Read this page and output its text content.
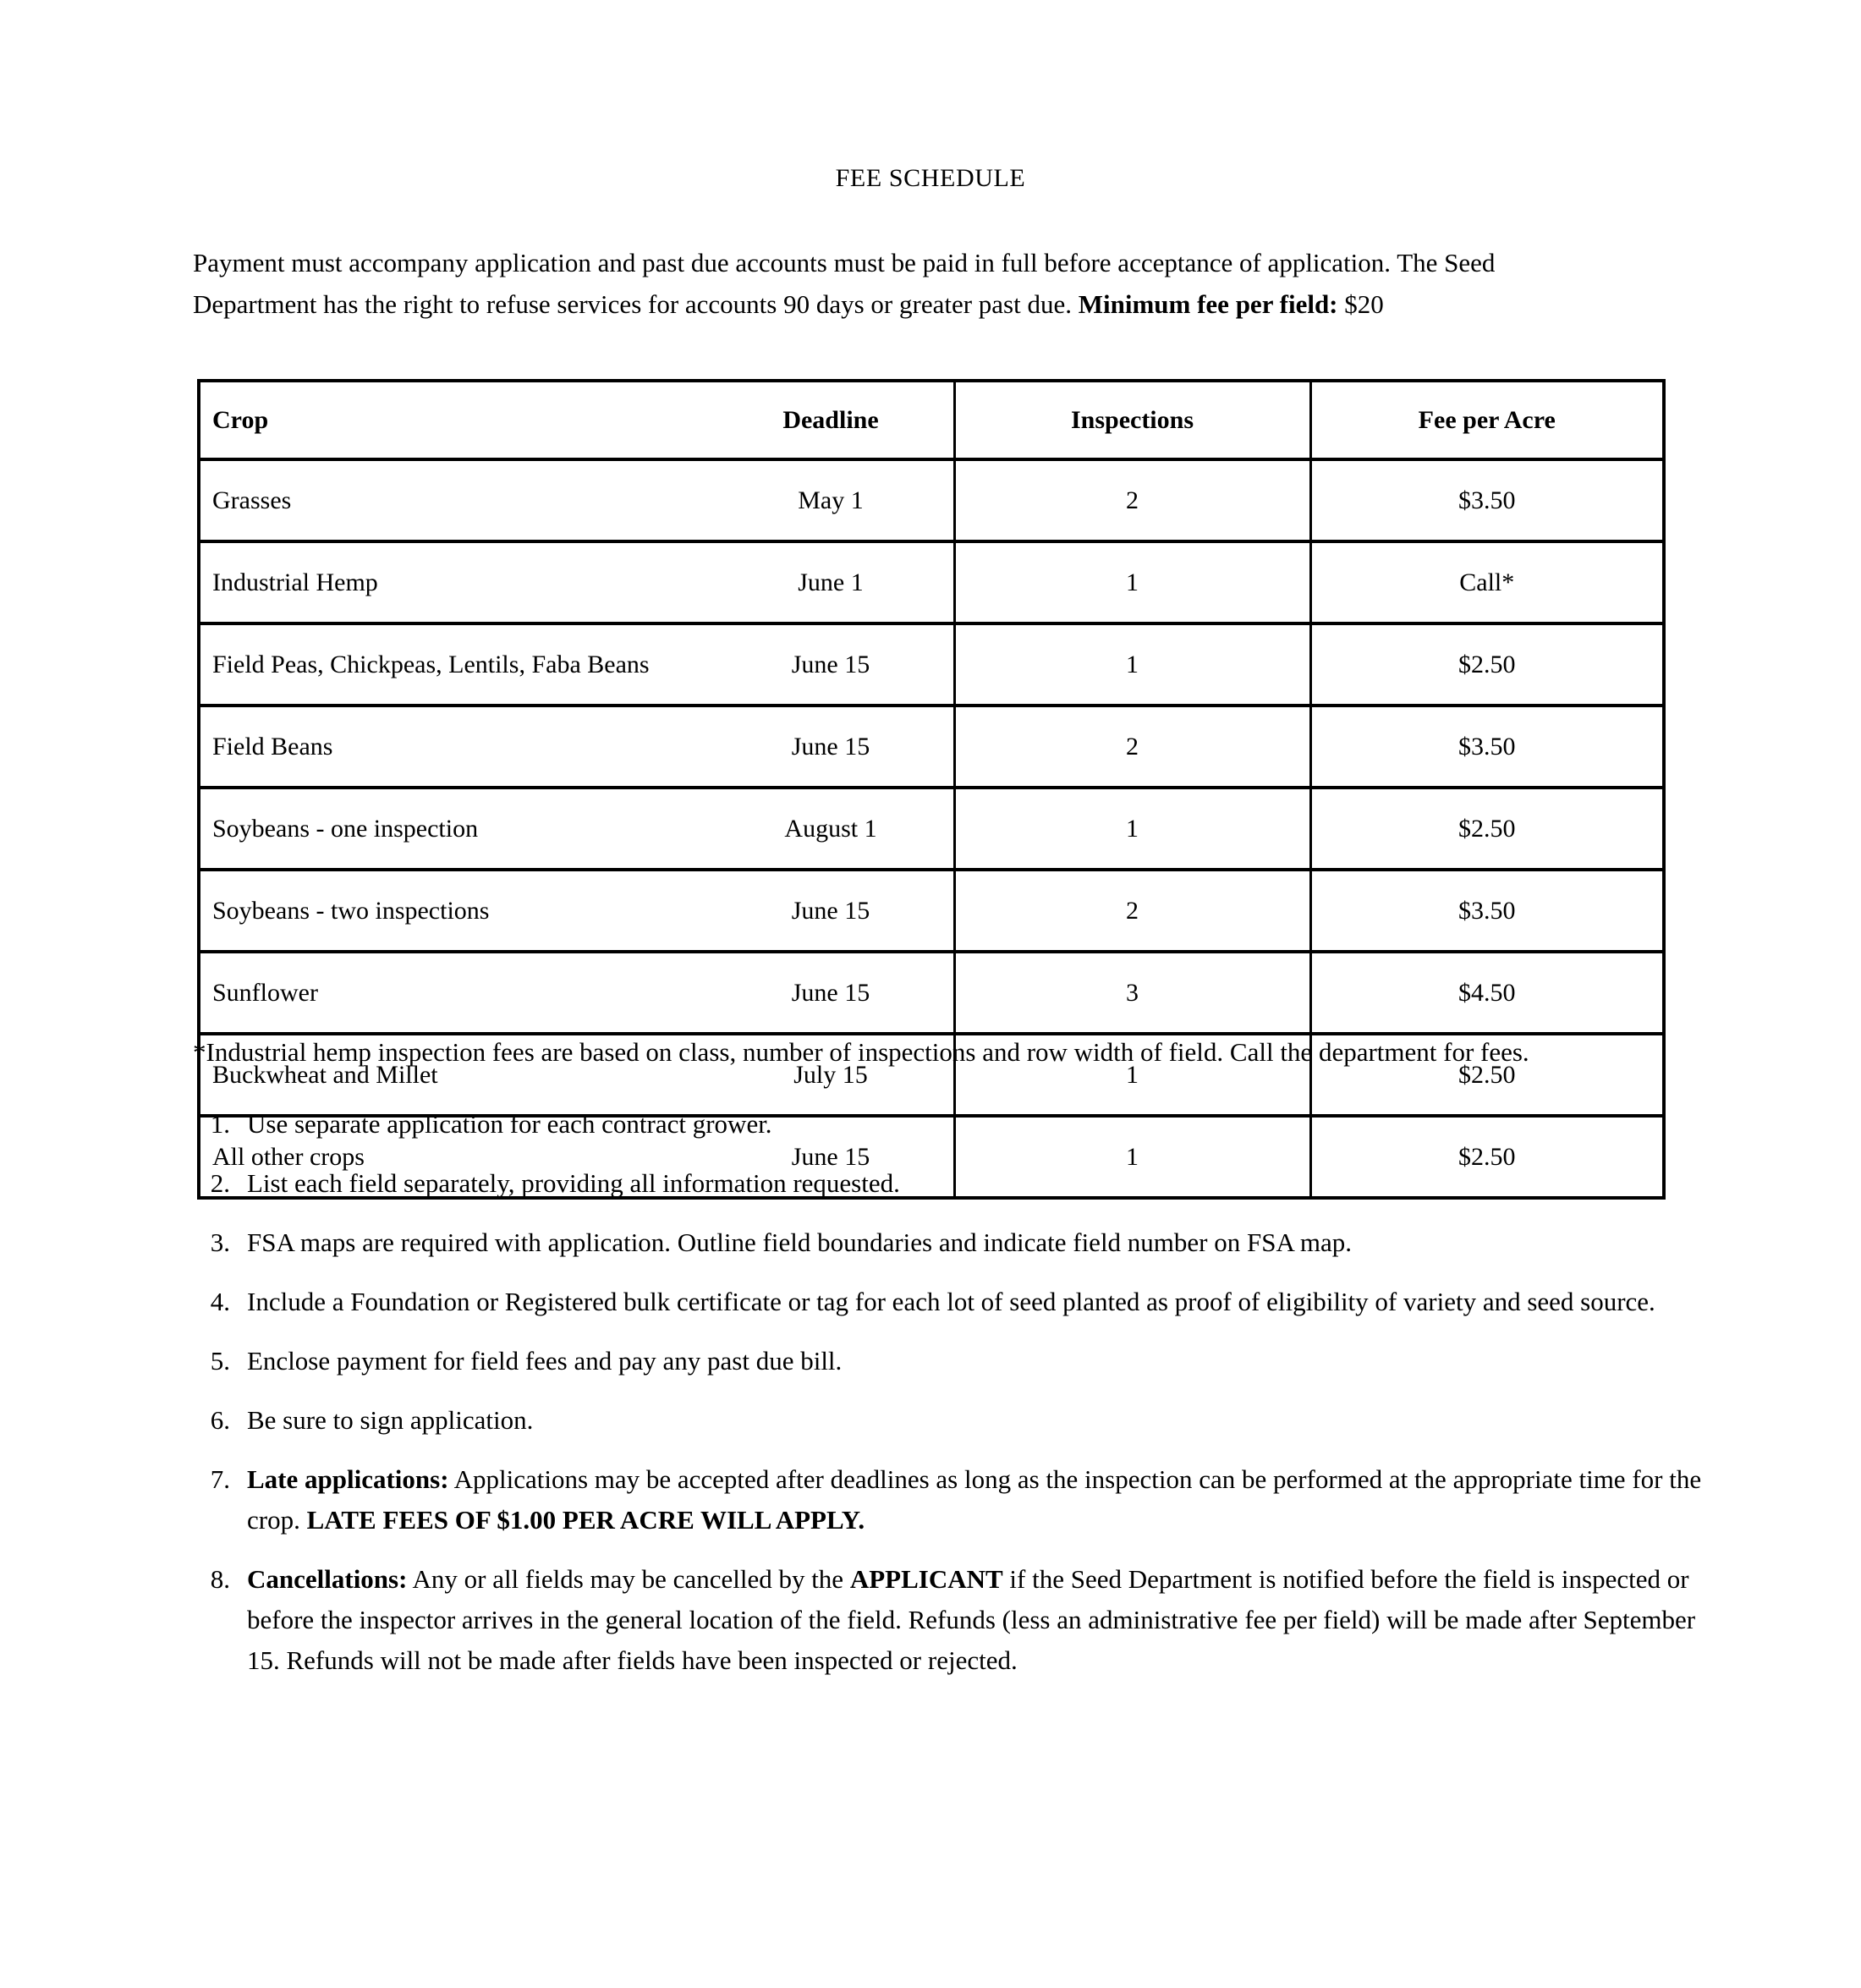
FEE SCHEDULE
Payment must accompany application and past due accounts must be paid in full before acceptance of application. The Seed Department has the right to refuse services for accounts 90 days or greater past due. Minimum fee per field: $20
Crop Deadline	Inspections	Fee per Acre

Grasses May 1	2	$3.50

Industrial Hemp June 1	1	Call*

Field Peas, Chickpeas, Lentils, Faba Beans June 15	1	$2.50

Field Beans June 15	2	$3.50

Soybeans - one inspection August 1	1	$2.50

Soybeans - two inspections June 15	2	$3.50

Sunflower June 15	3	$4.50

Buckwheat and Millet July 15	1	$2.50

All other crops June 15	1	$2.50
*Industrial hemp inspection fees are based on class, number of inspections and row width of field. Call the department for fees.
1. Use separate application for each contract grower.
2. List each field separately, providing all information requested.
3. FSA maps are required with application. Outline field boundaries and indicate field number on FSA map.
4. Include a Foundation or Registered bulk certificate or tag for each lot of seed planted as proof of eligibility of variety and seed source.
5. Enclose payment for field fees and pay any past due bill.
6. Be sure to sign application.
7. Late applications: Applications may be accepted after deadlines as long as the inspection can be performed at the appropriate time for the crop. LATE FEES OF $1.00 PER ACRE WILL APPLY.
8. Cancellations: Any or all fields may be cancelled by the APPLICANT if the Seed Department is notified before the field is inspected or before the inspector arrives in the general location of the field. Refunds (less an administrative fee per field) will be made after September 15. Refunds will not be made after fields have been inspected or rejected.
